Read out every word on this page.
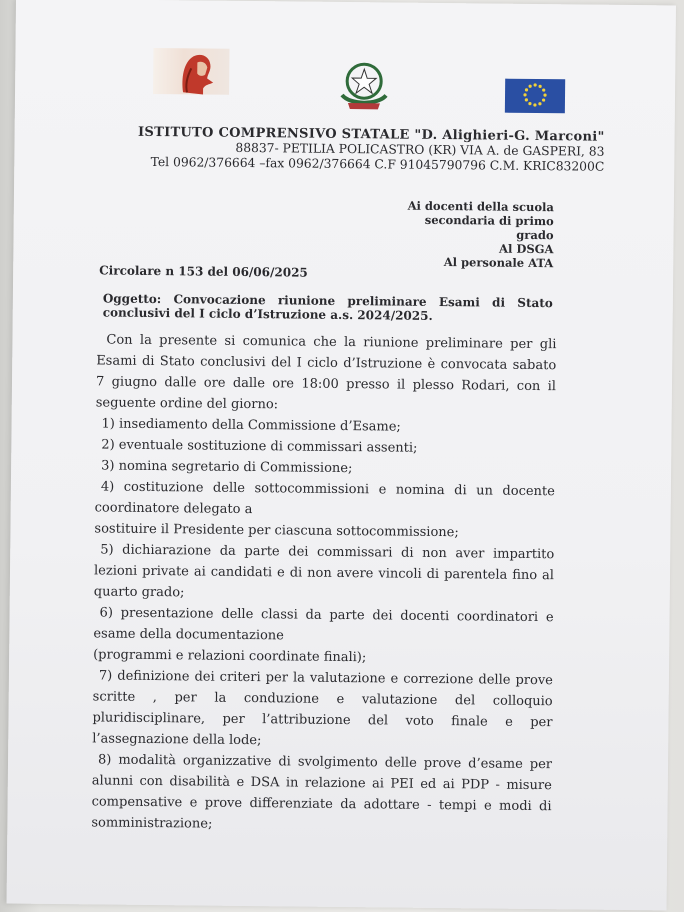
ISTITUTO COMPRENSIVO STATALE "D. Alighieri-G. Marconi"
88837- PETILIA POLICASTRO (KR) VIA A. de GASPERI, 83
Tel 0962/376664 –fax 0962/376664 C.F 91045790796 C.M. KRIC83200C
Ai docenti della scuola
secondaria di primo
grado
Al DSGA
Al personale ATA
Circolare n 153 del 06/06/2025
Oggetto: Convocazione riunione preliminare Esami di Stato conclusivi del I ciclo d’Istruzione a.s. 2024/2025.

Con la presente si comunica che la riunione preliminare per gli Esami di Stato conclusivi del I ciclo d’Istruzione è convocata sabato 7 giugno dalle ore dalle ore 18:00 presso il plesso Rodari, con il seguente ordine del giorno:

1) insediamento della Commissione d’Esame;

2) eventuale sostituzione di commissari assenti;

3) nomina segretario di Commissione;

4) costituzione delle sottocommissioni e nomina di un docente coordinatore delegato a

sostituire il Presidente per ciascuna sottocommissione;

5) dichiarazione da parte dei commissari di non aver impartito lezioni private ai candidati e di non avere vincoli di parentela fino al quarto grado;

6) presentazione delle classi da parte dei docenti coordinatori e esame della documentazione

(programmi e relazioni coordinate finali);

7) definizione dei criteri per la valutazione e correzione delle prove scritte , per la conduzione e valutazione del colloquio pluridisciplinare, per l’attribuzione del voto finale e per l’assegnazione della lode;

8) modalità organizzative di svolgimento delle prove d’esame per alunni con disabilità e DSA in relazione ai PEI ed ai PDP - misure compensative e prove differenziate da adottare - tempi e modi di somministrazione;
